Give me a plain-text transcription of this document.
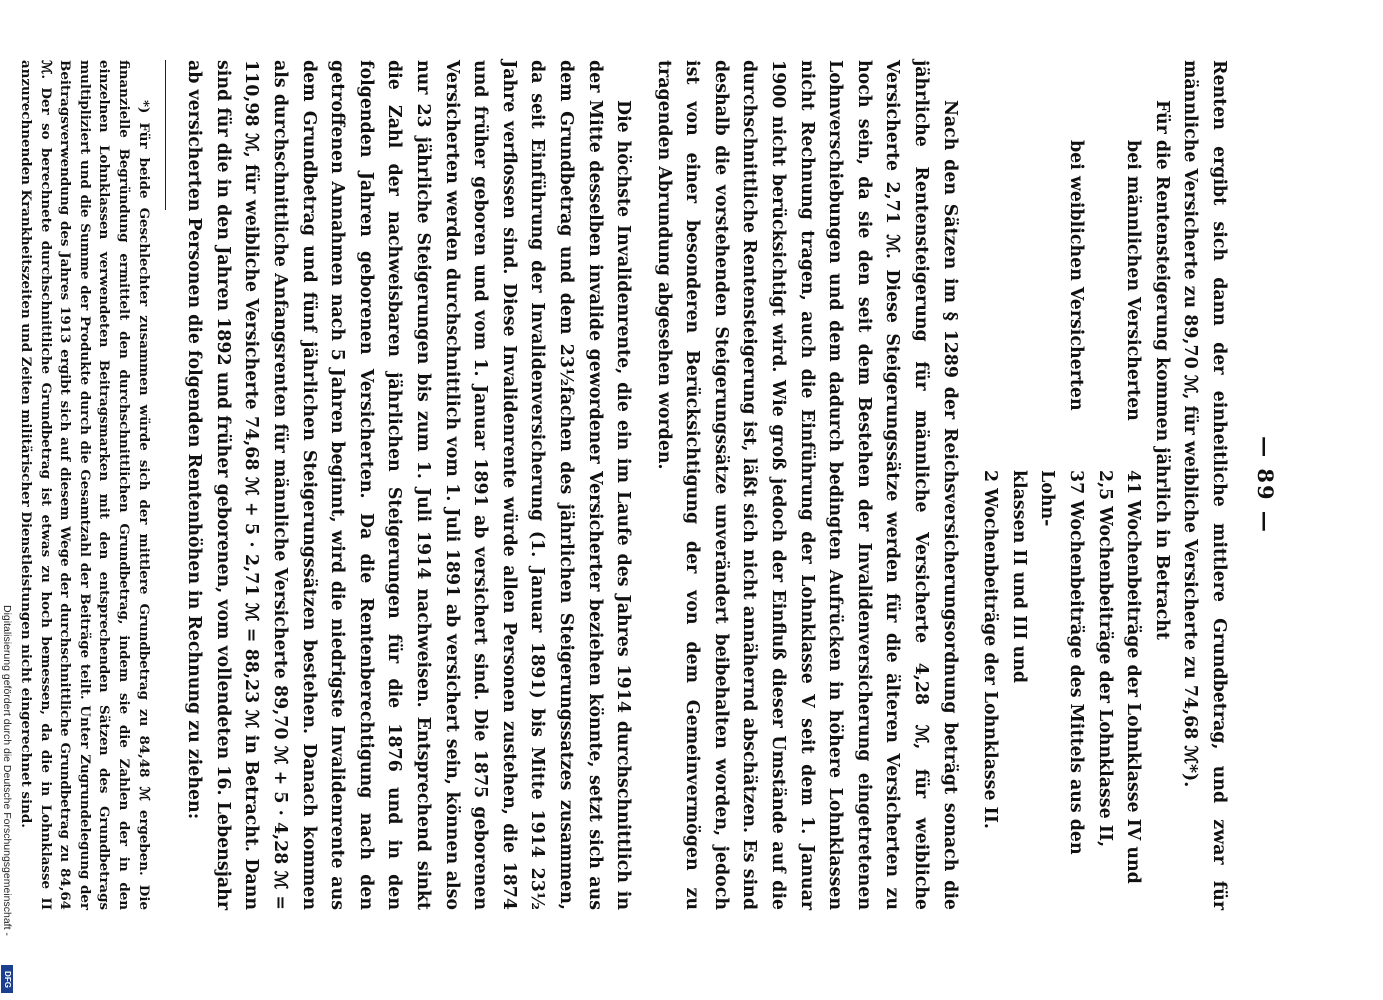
Digitalisierung gefördert durch die Deutsche Forschungsgemeinschaft -
DFG
— 89 —

Renten ergibt sich dann der einheitliche mittlere Grundbetrag, und zwar für männliche Versicherte zu 89,70 ℳ, für weibliche Versicherte zu 74,68 ℳ*).

Für die Rentensteigerung kommen jährlich in Betracht
bei männlichen Versicherten
41 Wochenbeiträge der Lohnklasse IV und
2,5 Wochenbeiträge der Lohnklasse II,
bei weiblichen Versicherten
37 Wochenbeiträge des Mittels aus den Lohn-
klassen II und III und
2 Wochenbeiträge der Lohnklasse II.

Nach den Sätzen im § 1289 der Reichsversicherungsordnung beträgt sonach die jährliche Rentensteigerung für männliche Versicherte 4,28 ℳ, für weibliche Versicherte 2,71 ℳ. Diese Steigerungssätze werden für die älteren Versicherten zu hoch sein, da sie den seit dem Bestehen der Invalidenversicherung eingetretenen Lohnverschiebungen und dem dadurch bedingten Aufrücken in höhere Lohnklassen nicht Rechnung tragen, auch die Einführung der Lohnklasse V seit dem 1. Januar 1900 nicht berücksichtigt wird. Wie groß jedoch der Einfluß dieser Umstände auf die durchschnittliche Rentensteigerung ist, läßt sich nicht annähernd abschätzen. Es sind deshalb die vorstehenden Steigerungssätze unverändert beibehalten worden, jedoch ist von einer besonderen Berücksichtigung der von dem Gemeinvermögen zu tragenden Abrundung abgesehen worden.

Die höchste Invalidenrente, die ein im Laufe des Jahres 1914 durchschnittlich in der Mitte desselben invalide gewordener Versicherter beziehen könnte, setzt sich aus dem Grundbetrag und dem 23½fachen des jährlichen Steigerungssatzes zusammen, da seit Einführung der Invalidenversicherung (1. Januar 1891) bis Mitte 1914 23½ Jahre verflossen sind. Diese Invalidenrente würde allen Personen zustehen, die 1874 und früher geboren und vom 1. Januar 1891 ab versichert sind. Die 1875 geborenen Versicherten werden durchschnittlich vom 1. Juli 1891 ab versichert sein, können also nur 23 jährliche Steigerungen bis zum 1. Juli 1914 nachweisen. Entsprechend sinkt die Zahl der nachweisbaren jährlichen Steigerungen für die 1876 und in den folgenden Jahren geborenen Versicherten. Da die Rentenberechtigung nach den getroffenen Annahmen nach 5 Jahren beginnt, wird die niedrigste Invalidenrente aus dem Grundbetrag und fünf jährlichen Steigerungssätzen bestehen. Danach kommen als durchschnittliche Anfangsrenten für männliche Versicherte 89,70 ℳ + 5 · 4,28 ℳ = 110,98 ℳ, für weibliche Versicherte 74,68 ℳ + 5 · 2,71 ℳ = 88,23 ℳ in Betracht. Dann sind für die in den Jahren 1892 und früher geborenen, vom vollendeten 16. Lebensjahr ab versicherten Personen die folgenden Rentenhöhen in Rechnung zu ziehen:

*) Für beide Geschlechter zusammen würde sich der mittlere Grundbetrag zu 84,48 ℳ ergeben. Die finanzielle Begründung ermittelt den durchschnittlichen Grundbetrag, indem sie die Zahlen der in den einzelnen Lohnklassen verwendeten Beitragsmarken mit den entsprechenden Sätzen des Grundbetrags multipliziert und die Summe der Produkte durch die Gesamtzahl der Beiträge teilt. Unter Zugrundelegung der Beitragsverwendung des Jahres 1913 ergibt sich auf diesem Wege der durchschnittliche Grundbetrag zu 84,64 ℳ. Der so berechnete durchschnittliche Grundbetrag ist etwas zu hoch bemessen, da die in Lohnklasse II anzurechnenden Krankheitszeiten und Zeiten militärischer Dienstleistungen nicht eingerechnet sind.
